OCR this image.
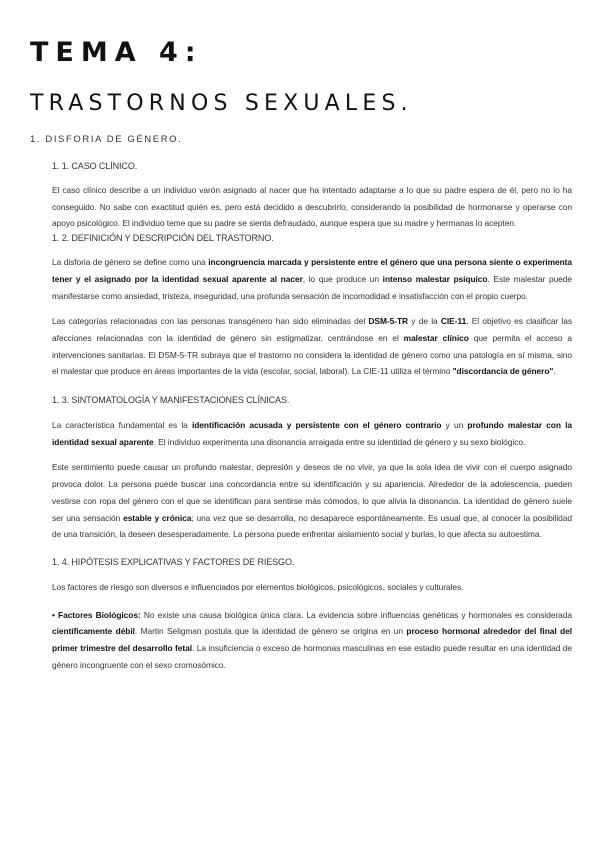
TEMA 4:
TRASTORNOS SEXUALES.
1. DISFORIA DE GÉNERO.
1. 1. CASO CLÍNICO.

El caso clínico describe a un individuo varón asignado al nacer que ha intentado adaptarse a lo que su padre espera de él, pero no lo ha conseguido. No sabe con exactitud quién es, pero está decidido a descubrirlo, considerando la posibilidad de hormonarse y operarse con apoyo psicológico. El individuo teme que su padre se sienta defraudado, aunque espera que su madre y hermanas lo acepten.

1. 2. DEFINICIÓN Y DESCRIPCIÓN DEL TRASTORNO.

La disforia de género se define como una incongruencia marcada y persistente entre el género que una persona siente o experimenta tener y el asignado por la identidad sexual aparente al nacer, lo que produce un intenso malestar psíquico. Este malestar puede manifestarse como ansiedad, tristeza, inseguridad, una profunda sensación de incomodidad e insatisfacción con el propio cuerpo.

Las categorías relacionadas con las personas transgénero han sido eliminadas del DSM-5-TR y de la CIE-11. El objetivo es clasificar las afecciones relacionadas con la identidad de género sin estigmatizar, centrándose en el malestar clínico que permita el acceso a intervenciones sanitarias. El DSM-5-TR subraya que el trastorno no considera la identidad de género como una patología en sí misma, sino el malestar que produce en áreas importantes de la vida (escolar, social, laboral). La CIE-11 utiliza el término "discordancia de género".

1. 3. SINTOMATOLOGÍA Y MANIFESTACIONES CLÍNICAS.

La característica fundamental es la identificación acusada y persistente con el género contrario y un profundo malestar con la identidad sexual aparente. El individuo experimenta una disonancia arraigada entre su identidad de género y su sexo biológico.

Este sentimiento puede causar un profundo malestar, depresión y deseos de no vivir, ya que la sola idea de vivir con el cuerpo asignado provoca dolor. La persona puede buscar una concordancia entre su identificación y su apariencia. Alrededor de la adolescencia, pueden vestirse con ropa del género con el que se identifican para sentirse más cómodos, lo que alivia la disonancia. La identidad de género suele ser una sensación estable y crónica; una vez que se desarrolla, no desaparece espontáneamente. Es usual que, al conocer la posibilidad de una transición, la deseen desesperadamente. La persona puede enfrentar aislamiento social y burlas, lo que afecta su autoestima.

1. 4. HIPÓTESIS EXPLICATIVAS Y FACTORES DE RIESGO.

Los factores de riesgo son diversos e influenciados por elementos biológicos, psicológicos, sociales y culturales.

• Factores Biológicos: No existe una causa biológica única clara. La evidencia sobre influencias genéticas y hormonales es considerada científicamente débil. Martin Seligman postula que la identidad de género se origina en un proceso hormonal alrededor del final del primer trimestre del desarrollo fetal. La insuficiencia o exceso de hormonas masculinas en ese estadio puede resultar en una identidad de género incongruente con el sexo cromosómico.
